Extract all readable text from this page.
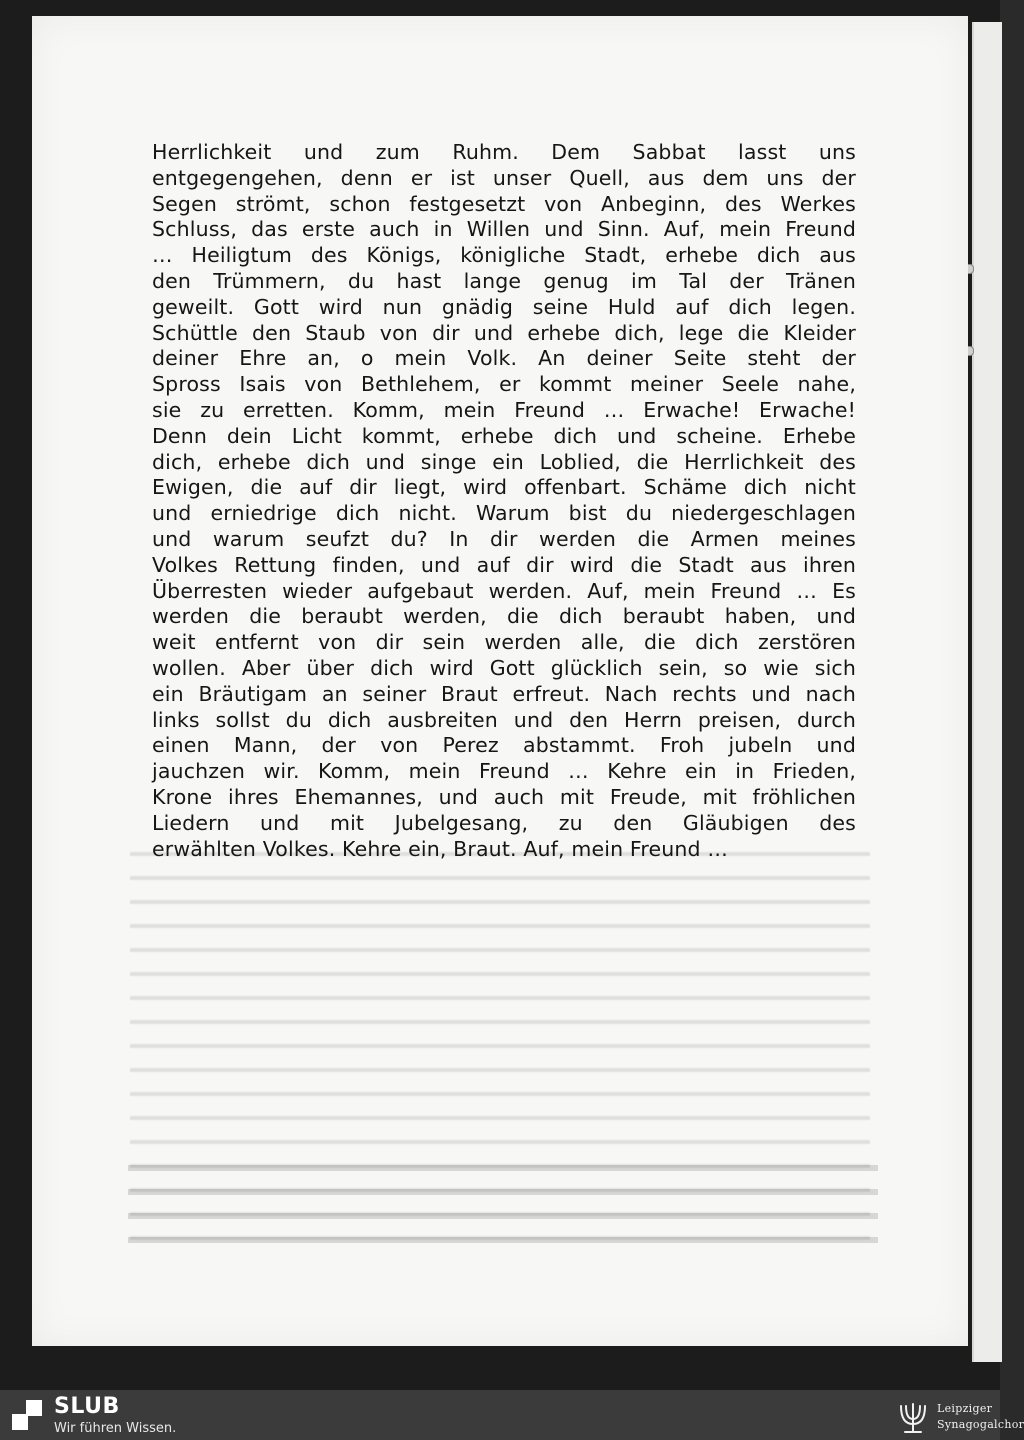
Herrlichkeit und zum Ruhm. Dem Sabbat lasst uns
entgegengehen, denn er ist unser Quell, aus dem uns der
Segen strömt, schon festgesetzt von Anbeginn, des Werkes
Schluss, das erste auch in Willen und Sinn. Auf, mein Freund
… Heiligtum des Königs, königliche Stadt, erhebe dich aus
den Trümmern, du hast lange genug im Tal der Tränen
geweilt. Gott wird nun gnädig seine Huld auf dich legen.
Schüttle den Staub von dir und erhebe dich, lege die Kleider
deiner Ehre an, o mein Volk. An deiner Seite steht der
Spross Isais von Bethlehem, er kommt meiner Seele nahe,
sie zu erretten. Komm, mein Freund … Erwache! Erwache!
Denn dein Licht kommt, erhebe dich und scheine. Erhebe
dich, erhebe dich und singe ein Loblied, die Herrlichkeit des
Ewigen, die auf dir liegt, wird offenbart. Schäme dich nicht
und erniedrige dich nicht. Warum bist du niedergeschlagen
und warum seufzt du? In dir werden die Armen meines
Volkes Rettung finden, und auf dir wird die Stadt aus ihren
Überresten wieder aufgebaut werden. Auf, mein Freund … Es
werden die beraubt werden, die dich beraubt haben, und
weit entfernt von dir sein werden alle, die dich zerstören
wollen. Aber über dich wird Gott glücklich sein, so wie sich
ein Bräutigam an seiner Braut erfreut. Nach rechts und nach
links sollst du dich ausbreiten und den Herrn preisen, durch
einen Mann, der von Perez abstammt. Froh jubeln und
jauchzen wir. Komm, mein Freund … Kehre ein in Frieden,
Krone ihres Ehemannes, und auch mit Freude, mit fröhlichen
Liedern und mit Jubelgesang, zu den Gläubigen des
erwählten Volkes. Kehre ein, Braut. Auf, mein Freund …
SLUB
Wir führen Wissen.
Leipziger
Synagogalchor
